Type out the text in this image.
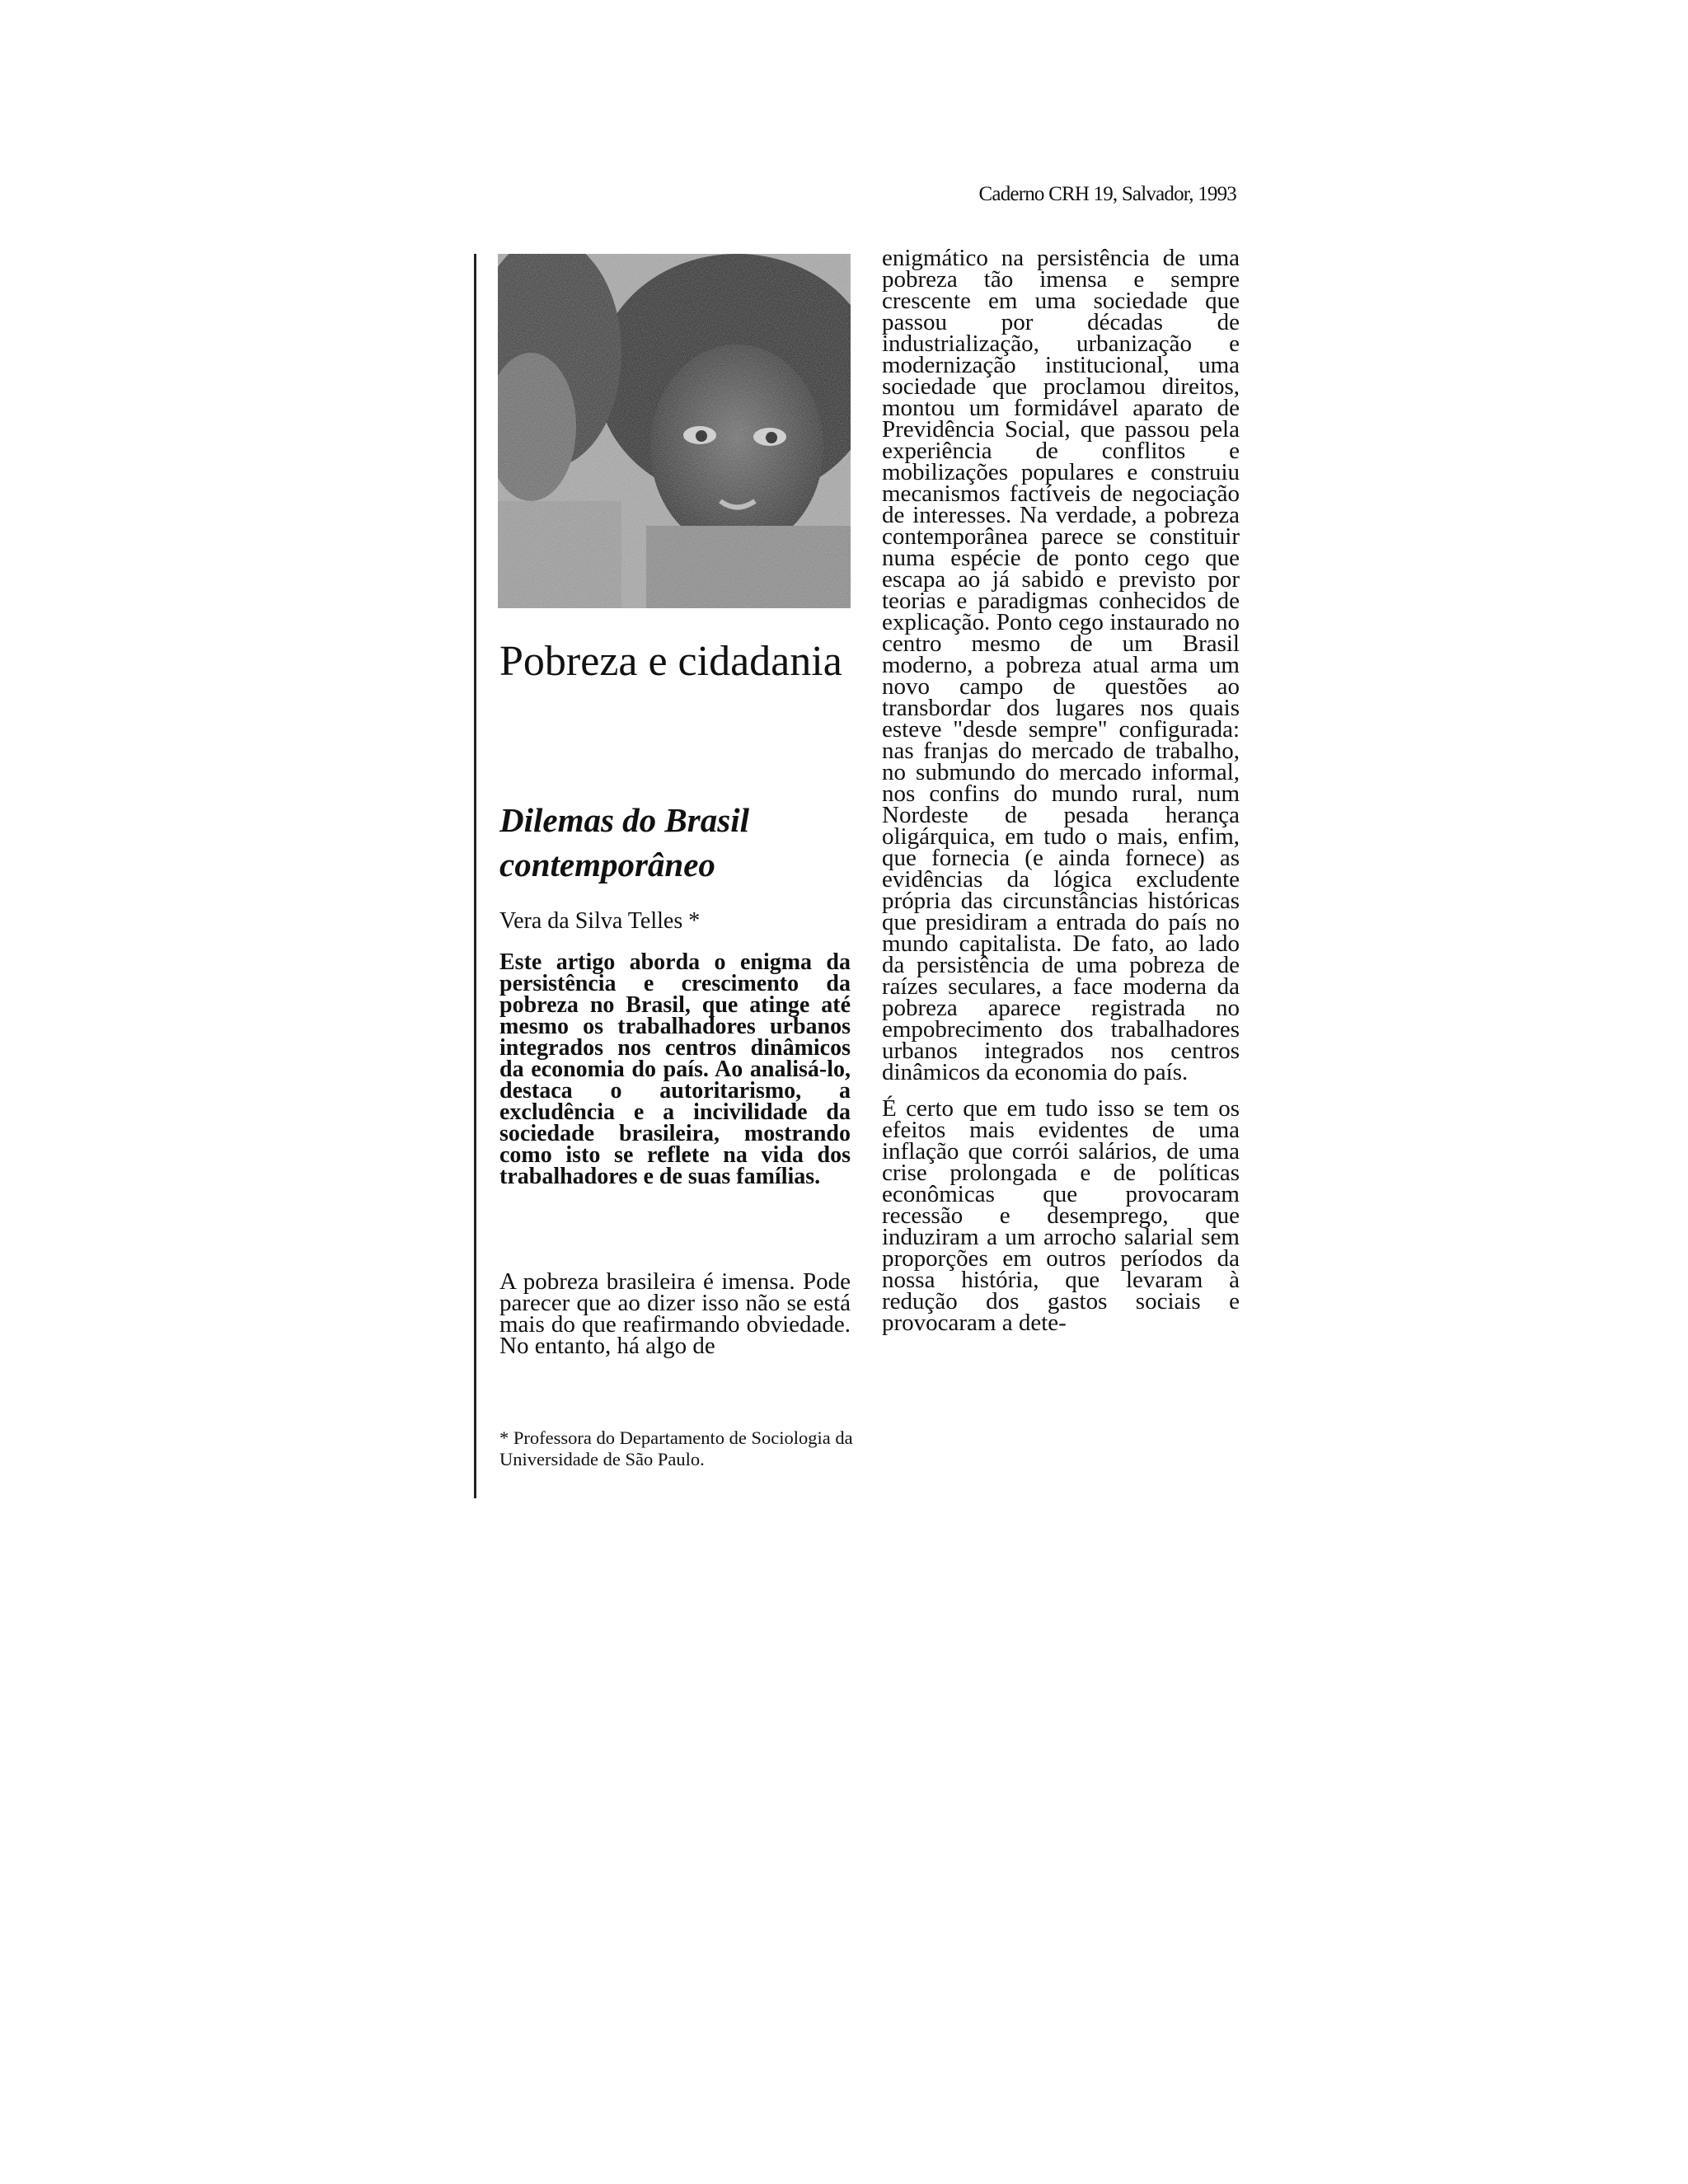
Caderno CRH 19, Salvador, 1993
Pobreza e cidadania
Dilemas do Brasil contemporâneo
Vera da Silva Telles *

Este artigo aborda o enigma da persistência e crescimento da pobreza no Brasil, que atinge até mesmo os trabalhadores urbanos integrados nos centros dinâmicos da economia do país. Ao analisá-lo, destaca o autoritarismo, a excludência e a incivilidade da sociedade brasileira, mostrando como isto se reflete na vida dos trabalhadores e de suas famílias.

A pobreza brasileira é imensa. Pode parecer que ao dizer isso não se está mais do que reafirmando obviedade. No entanto, há algo de

* Professora do Departamento de Sociologia da Universidade de São Paulo.

enigmático na persistência de uma pobreza tão imensa e sempre crescente em uma sociedade que passou por décadas de industrialização, urbanização e modernização institucional, uma sociedade que proclamou direitos, montou um formidável aparato de Previdência Social, que passou pela experiência de conflitos e mobilizações populares e construiu mecanismos factíveis de negociação de interesses. Na verdade, a pobreza contemporânea parece se constituir numa espécie de ponto cego que escapa ao já sabido e previsto por teorias e paradigmas conhecidos de explicação. Ponto cego instaurado no centro mesmo de um Brasil moderno, a pobreza atual arma um novo campo de questões ao transbordar dos lugares nos quais esteve "desde sempre" configurada: nas franjas do mercado de trabalho, no submundo do mercado informal, nos confins do mundo rural, num Nordeste de pesada herança oligárquica, em tudo o mais, enfim, que fornecia (e ainda fornece) as evidências da lógica excludente própria das circunstâncias históricas que presidiram a entrada do país no mundo capitalista. De fato, ao lado da persistência de uma pobreza de raízes seculares, a face moderna da pobreza aparece registrada no empobrecimento dos trabalhadores urbanos integrados nos centros dinâmicos da economia do país.

É certo que em tudo isso se tem os efeitos mais evidentes de uma inflação que corrói salários, de uma crise prolongada e de políticas econômicas que provocaram recessão e desemprego, que induziram a um arrocho salarial sem proporções em outros períodos da nossa história, que levaram à redução dos gastos sociais e provocaram a dete-
